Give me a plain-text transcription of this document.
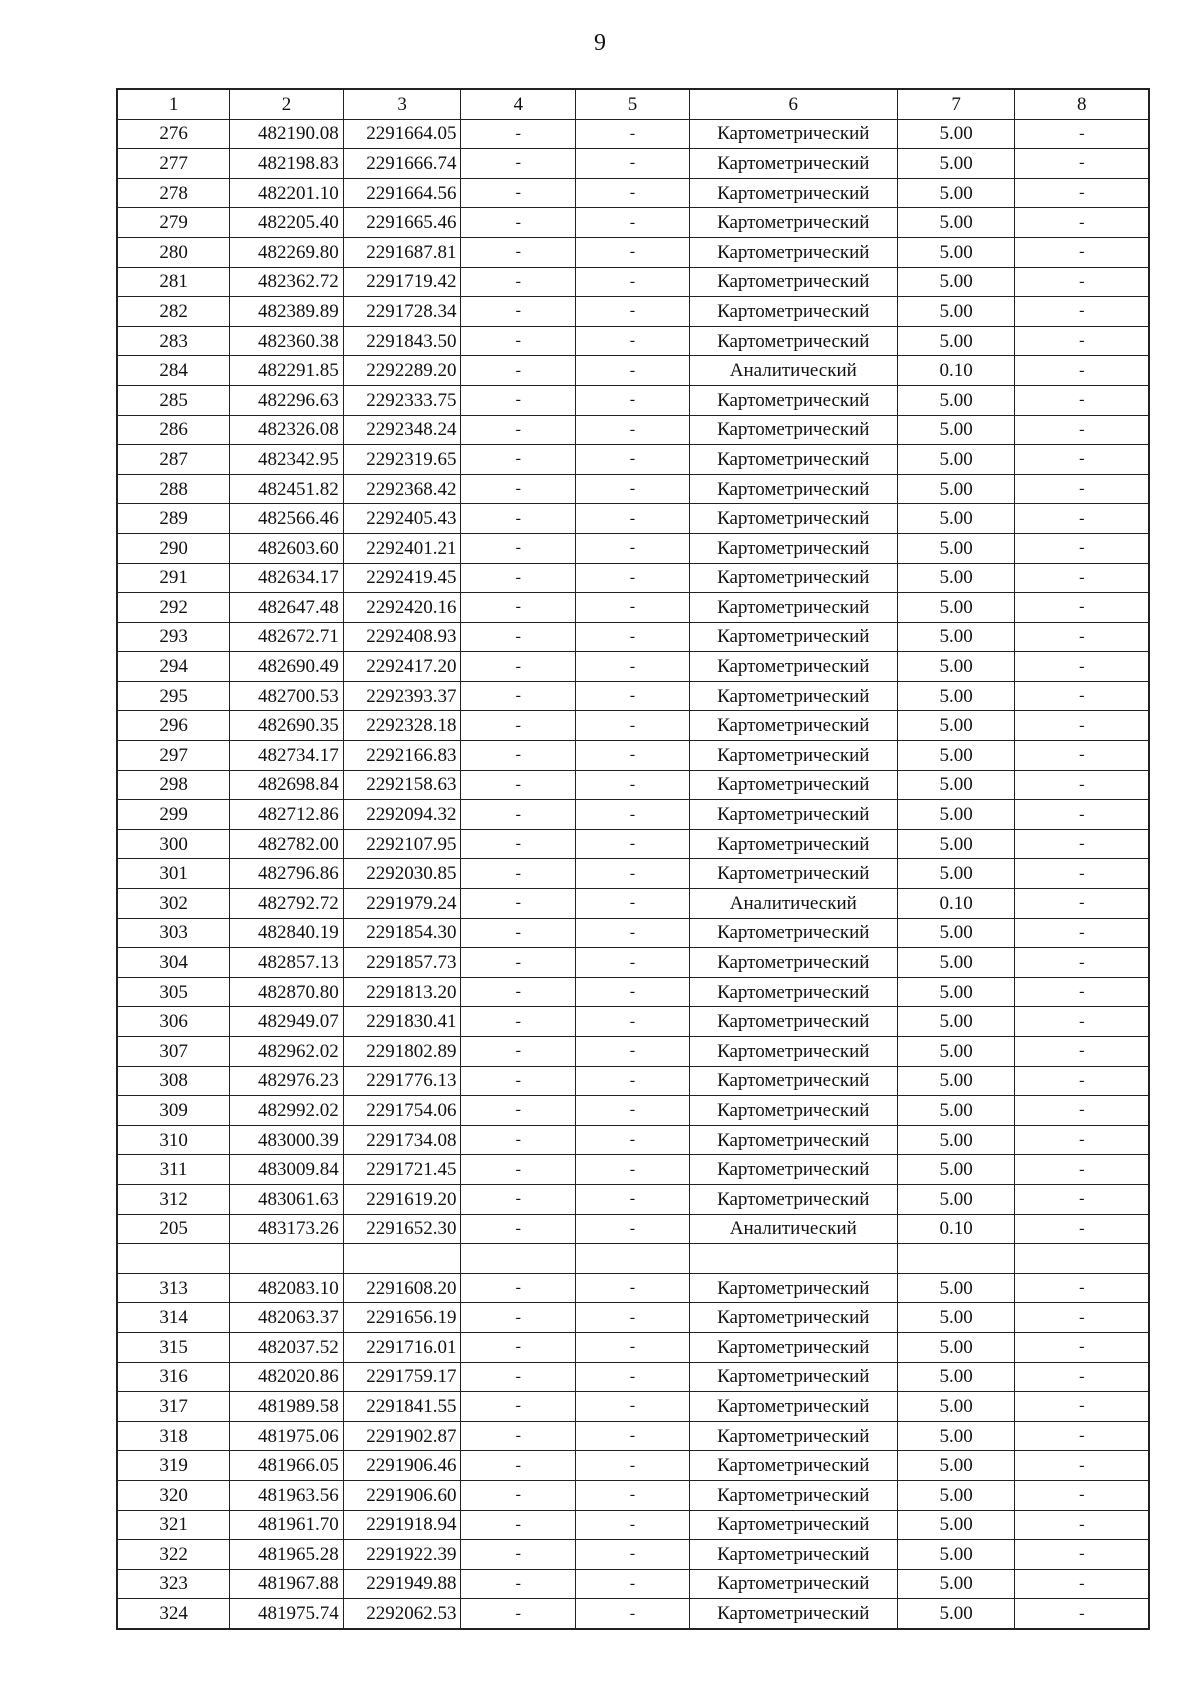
9
1	2	3	4	5	6	7	8
276	482190.08	2291664.05	-	-	Картометрический	5.00	-
277	482198.83	2291666.74	-	-	Картометрический	5.00	-
278	482201.10	2291664.56	-	-	Картометрический	5.00	-
279	482205.40	2291665.46	-	-	Картометрический	5.00	-
280	482269.80	2291687.81	-	-	Картометрический	5.00	-
281	482362.72	2291719.42	-	-	Картометрический	5.00	-
282	482389.89	2291728.34	-	-	Картометрический	5.00	-
283	482360.38	2291843.50	-	-	Картометрический	5.00	-
284	482291.85	2292289.20	-	-	Аналитический	0.10	-
285	482296.63	2292333.75	-	-	Картометрический	5.00	-
286	482326.08	2292348.24	-	-	Картометрический	5.00	-
287	482342.95	2292319.65	-	-	Картометрический	5.00	-
288	482451.82	2292368.42	-	-	Картометрический	5.00	-
289	482566.46	2292405.43	-	-	Картометрический	5.00	-
290	482603.60	2292401.21	-	-	Картометрический	5.00	-
291	482634.17	2292419.45	-	-	Картометрический	5.00	-
292	482647.48	2292420.16	-	-	Картометрический	5.00	-
293	482672.71	2292408.93	-	-	Картометрический	5.00	-
294	482690.49	2292417.20	-	-	Картометрический	5.00	-
295	482700.53	2292393.37	-	-	Картометрический	5.00	-
296	482690.35	2292328.18	-	-	Картометрический	5.00	-
297	482734.17	2292166.83	-	-	Картометрический	5.00	-
298	482698.84	2292158.63	-	-	Картометрический	5.00	-
299	482712.86	2292094.32	-	-	Картометрический	5.00	-
300	482782.00	2292107.95	-	-	Картометрический	5.00	-
301	482796.86	2292030.85	-	-	Картометрический	5.00	-
302	482792.72	2291979.24	-	-	Аналитический	0.10	-
303	482840.19	2291854.30	-	-	Картометрический	5.00	-
304	482857.13	2291857.73	-	-	Картометрический	5.00	-
305	482870.80	2291813.20	-	-	Картометрический	5.00	-
306	482949.07	2291830.41	-	-	Картометрический	5.00	-
307	482962.02	2291802.89	-	-	Картометрический	5.00	-
308	482976.23	2291776.13	-	-	Картометрический	5.00	-
309	482992.02	2291754.06	-	-	Картометрический	5.00	-
310	483000.39	2291734.08	-	-	Картометрический	5.00	-
311	483009.84	2291721.45	-	-	Картометрический	5.00	-
312	483061.63	2291619.20	-	-	Картометрический	5.00	-
205	483173.26	2291652.30	-	-	Аналитический	0.10	-

313	482083.10	2291608.20	-	-	Картометрический	5.00	-
314	482063.37	2291656.19	-	-	Картометрический	5.00	-
315	482037.52	2291716.01	-	-	Картометрический	5.00	-
316	482020.86	2291759.17	-	-	Картометрический	5.00	-
317	481989.58	2291841.55	-	-	Картометрический	5.00	-
318	481975.06	2291902.87	-	-	Картометрический	5.00	-
319	481966.05	2291906.46	-	-	Картометрический	5.00	-
320	481963.56	2291906.60	-	-	Картометрический	5.00	-
321	481961.70	2291918.94	-	-	Картометрический	5.00	-
322	481965.28	2291922.39	-	-	Картометрический	5.00	-
323	481967.88	2291949.88	-	-	Картометрический	5.00	-
324	481975.74	2292062.53	-	-	Картометрический	5.00	-
